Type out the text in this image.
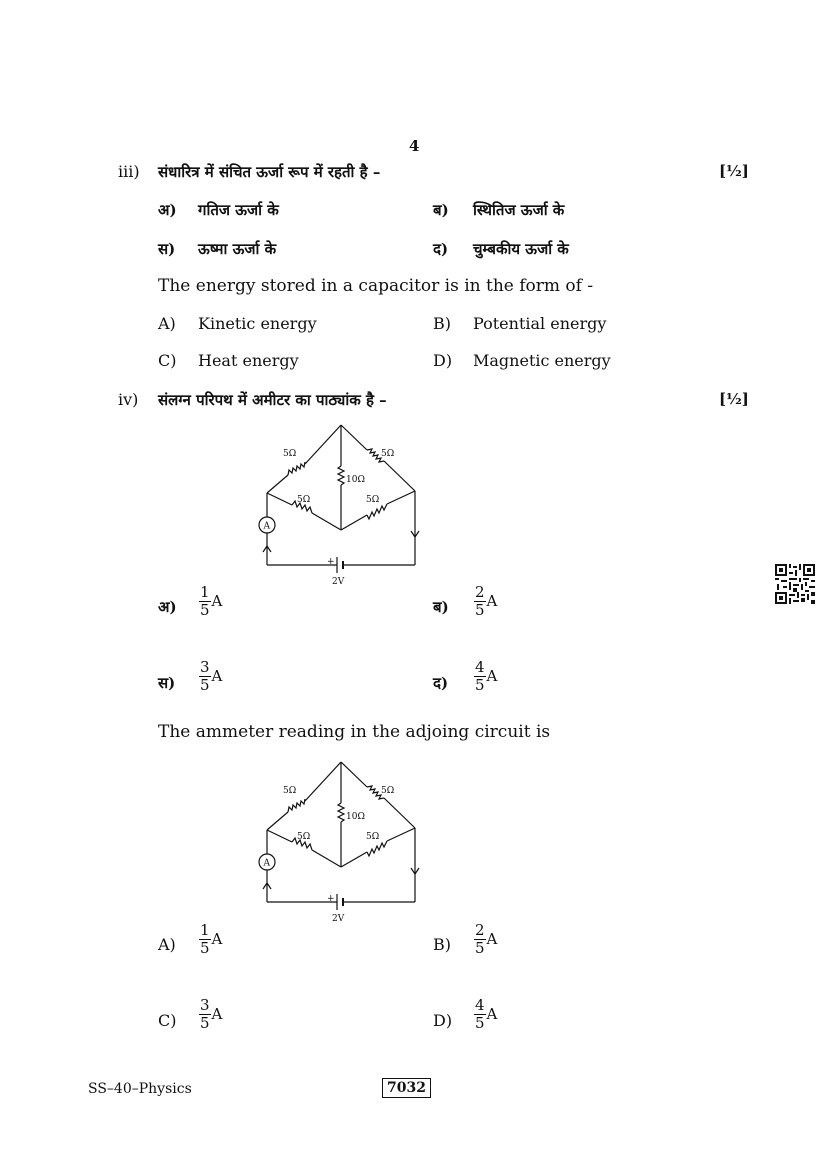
4
iii) संधारित्र में संचित ऊर्जा रूप में रहती है –	[½]
अ) गतिज ऊर्जा के	ब) स्थितिज ऊर्जा के
स) ऊष्मा ऊर्जा के	द) चुम्बकीय ऊर्जा के
The energy stored in a capacitor is in the form of -
A) Kinetic energy	B) Potential energy
C) Heat energy	D) Magnetic energy
iv) संलग्न परिपथ में अमीटर का पाठ्यांक है –	[½]
5Ω	5Ω
10Ω
5Ω	5Ω
A
+
2V
अ) $\frac{1}{5}$ A	ब) $\frac{2}{5}$ A
स) $\frac{3}{5}$ A	द) $\frac{4}{5}$ A
The ammeter reading in the adjoing circuit is
5Ω	5Ω
10Ω
5Ω	5Ω
A
+
2V
$A) \frac{1}{5}$ A	$B) \frac{2}{5}$ A
$C) \frac{3}{5}$ A	$D) \frac{4}{5}$ A
SS–40–Physics	7032
